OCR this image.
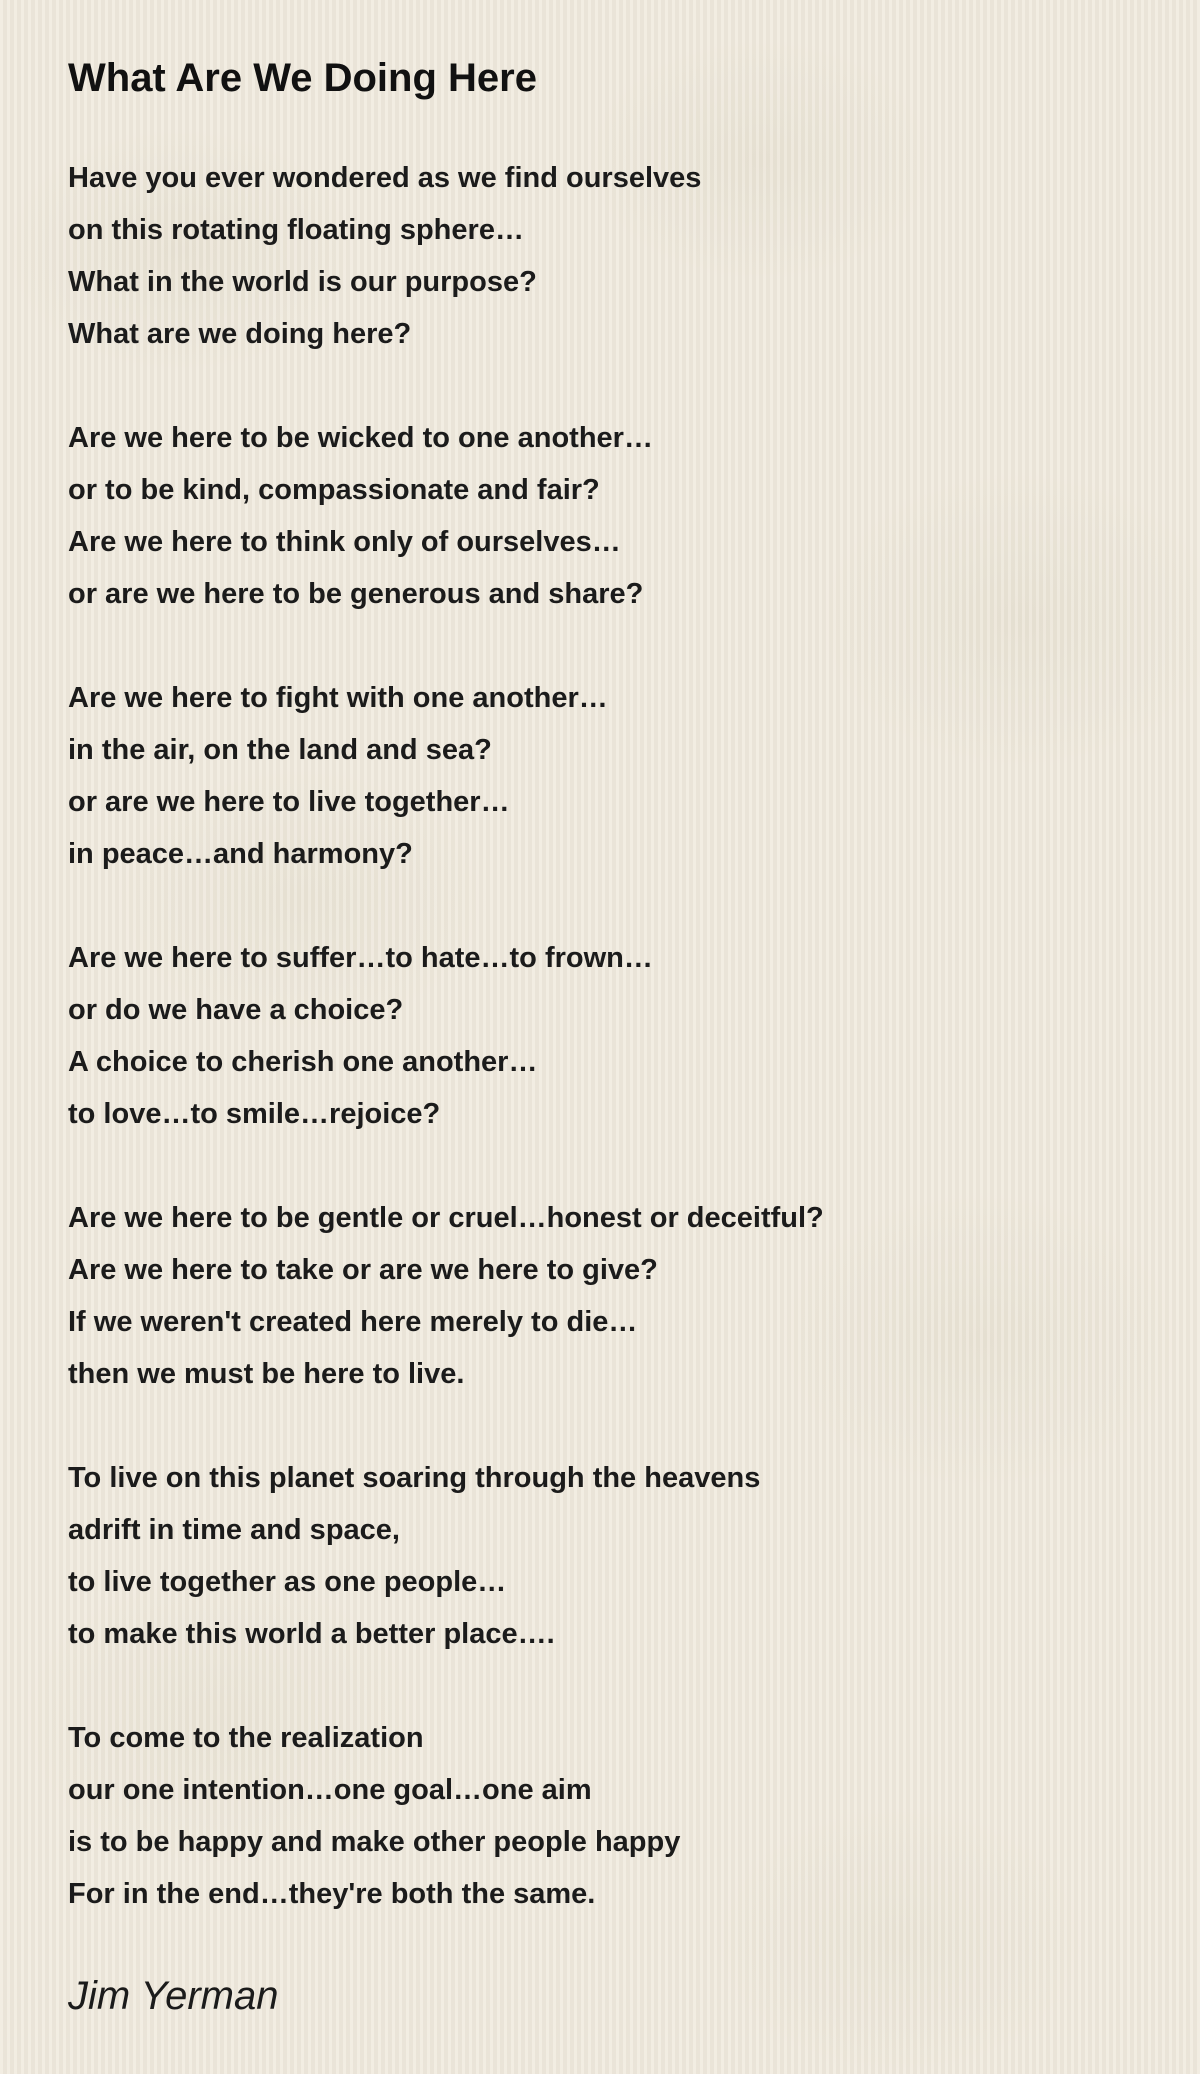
What Are We Doing Here
Have you ever wondered as we find ourselves
on this rotating floating sphere…
What in the world is our purpose?
What are we doing here?
Are we here to be wicked to one another…
or to be kind, compassionate and fair?
Are we here to think only of ourselves…
or are we here to be generous and share?
Are we here to fight with one another…
in the air, on the land and sea?
or are we here to live together…
in peace…and harmony?
Are we here to suffer…to hate…to frown…
or do we have a choice?
A choice to cherish one another…
to love…to smile…rejoice?
Are we here to be gentle or cruel…honest or deceitful?
Are we here to take or are we here to give?
If we weren't created here merely to die…
then we must be here to live.
To live on this planet soaring through the heavens
adrift in time and space,
to live together as one people…
to make this world a better place….
To come to the realization
our one intention…one goal…one aim
is to be happy and make other people happy
For in the end…they're both the same.
Jim Yerman
